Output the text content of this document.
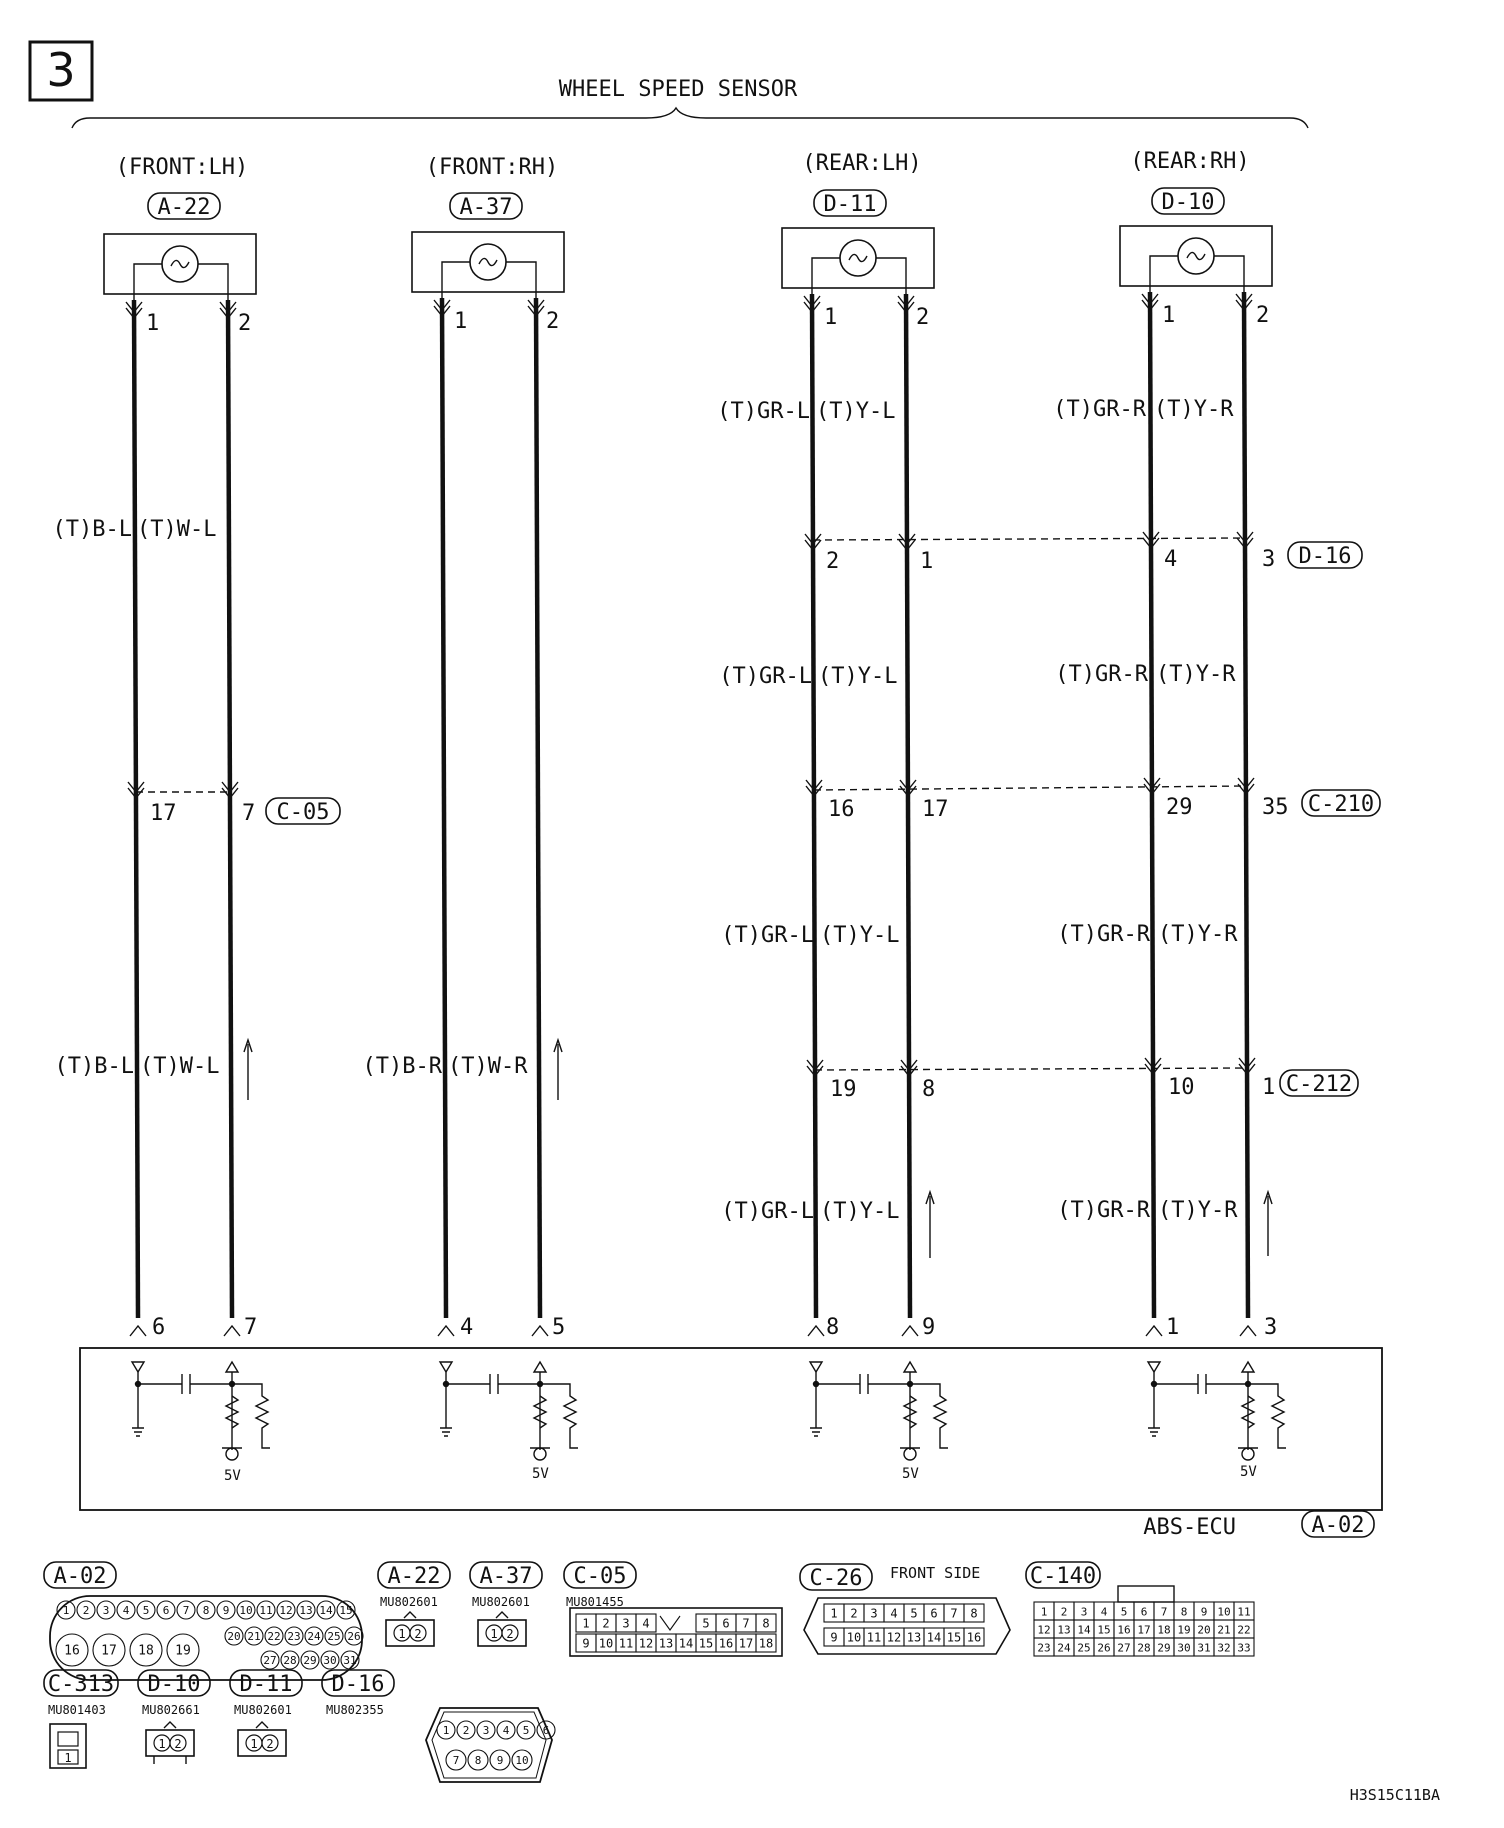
3	WHEEL SPEED SENSOR
(FRONT:LH)
A-22
(FRONT:RH)
A-37
(REAR:LH)
D-11
(REAR:RH)
D-10
1	2	1	2	1	2	1	2
(T)B-L (T)W-L
(T)B-L (T)W-L	(T)B-R (T)W-R
(T)GR-L (T)Y-L
(T)GR-L (T)Y-L
(T)GR-L (T)Y-L
(T)GR-L (T)Y-L
(T)GR-R (T)Y-R
(T)GR-R (T)Y-R
(T)GR-R (T)Y-R
(T)GR-R (T)Y-R
2	1	4	3 D-16
17	7 C-05	16	17	29	35 C-210
19	8	10	1 C-212
6	7	4	5	8	9	1	3
5V	5V	5V	5V
ABS-ECU	A-02
A-02
1 2 3 4 5 6 7 8 9 10 11 12 13 14 15
16 17 18 19
20 21 22 23 24 25 26
27 28 29 30 31
A-22
MU802601
1 2
A-37
MU802601
1 2
C-05
MU801455
1 2 3 4	5 6 7 8
9 10 11 12 13 14 15 16 17 18
C-26 FRONT SIDE
1 2 3 4 5 6 7 8
9 10 11 12 13 14 15 16
C-140
1 2 3 4 5 6 7 8 9 10 11
12 13 14 15 16 17 18 19 20 21 22
23 24 25 26 27 28 29 30 31 32 33
C-313
MU801403
1
D-10
MU802661
1 2
D-11
MU802601
1 2
D-16
MU802355
1 2 3 4 5 6
7 8 9 10
H3S15C11BA
